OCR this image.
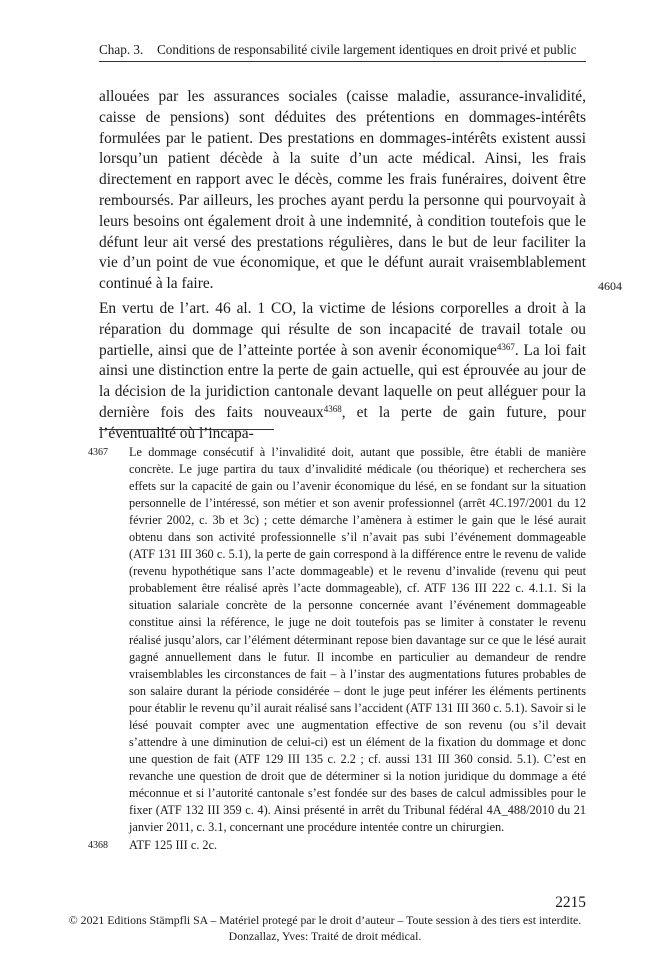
Chap. 3. Conditions de responsabilité civile largement identiques en droit privé et public

allouées par les assurances sociales (caisse maladie, assurance-invalidité, caisse de pensions) sont déduites des prétentions en dommages-intérêts formulées par le patient. Des prestations en dommages-intérêts existent aussi lorsqu’un patient décède à la suite d’un acte médical. Ainsi, les frais directement en rapport avec le décès, comme les frais funéraires, doivent être remboursés. Par ailleurs, les proches ayant perdu la personne qui pourvoyait à leurs besoins ont également droit à une indemnité, à condition toutefois que le défunt leur ait versé des prestations régulières, dans le but de leur faciliter la vie d’un point de vue économique, et que le défunt aurait vraisemblablement continué à la faire.

En vertu de l’art. 46 al. 1 CO, la victime de lésions corporelles a droit à la réparation du dommage qui résulte de son incapacité de travail totale ou partielle, ainsi que de l’atteinte portée à son avenir économique$^{4367}$. La loi fait ainsi une distinction entre la perte de gain actuelle, qui est éprouvée au jour de la décision de la juridiction cantonale devant laquelle on peut alléguer pour la dernière fois des faits nouveaux$^{4368}$, et la perte de gain future, pour l’éventualité où l’incapa-

4604
4367	Le dommage consécutif à l’invalidité doit, autant que possible, être établi de manière concrète. Le juge partira du taux d’invalidité médicale (ou théorique) et recherchera ses effets sur la capacité de gain ou l’avenir économique du lésé, en se fondant sur la situation personnelle de l’intéressé, son métier et son avenir professionnel (arrêt 4C.197/2001 du 12 février 2002, c. 3b et 3c) ; cette démarche l’amènera à estimer le gain que le lésé aurait obtenu dans son activité professionnelle s’il n’avait pas subi l’événement dommageable (ATF 131 III 360 c. 5.1), la perte de gain correspond à la différence entre le revenu de valide (revenu hypothétique sans l’acte dommageable) et le revenu d’invalide (revenu qui peut probablement être réalisé après l’acte dommageable), cf. ATF 136 III 222 c. 4.1.1. Si la situation salariale concrète de la personne concernée avant l’événement dommageable constitue ainsi la référence, le juge ne doit toutefois pas se limiter à constater le revenu réalisé jusqu’alors, car l’élément déterminant repose bien davantage sur ce que le lésé aurait gagné annuellement dans le futur. Il incombe en particulier au demandeur de rendre vraisemblables les circonstances de fait – à l’instar des augmentations futures probables de son salaire durant la période considérée – dont le juge peut inférer les éléments pertinents pour établir le revenu qu’il aurait réalisé sans l’accident (ATF 131 III 360 c. 5.1). Savoir si le lésé pouvait compter avec une augmentation effective de son revenu (ou s’il devait s’attendre à une diminution de celui-ci) est un élément de la fixation du dommage et donc une question de fait (ATF 129 III 135 c. 2.2 ; cf. aussi 131 III 360 consid. 5.1). C’est en revanche une question de droit que de déterminer si la notion juridique du dommage a été méconnue et si l’autorité cantonale s’est fondée sur des bases de calcul admissibles pour le fixer (ATF 132 III 359 c. 4). Ainsi présenté in arrêt du Tribunal fédéral 4A_488/2010 du 21 janvier 2011, c. 3.1, concernant une procédure intentée contre un chirurgien.
4368	ATF 125 III c. 2c.
2215
© 2021 Editions Stämpfli SA – Matériel protegé par le droit d’auteur – Toute session à des tiers est interdite.
Donzallaz, Yves: Traité de droit médical.
